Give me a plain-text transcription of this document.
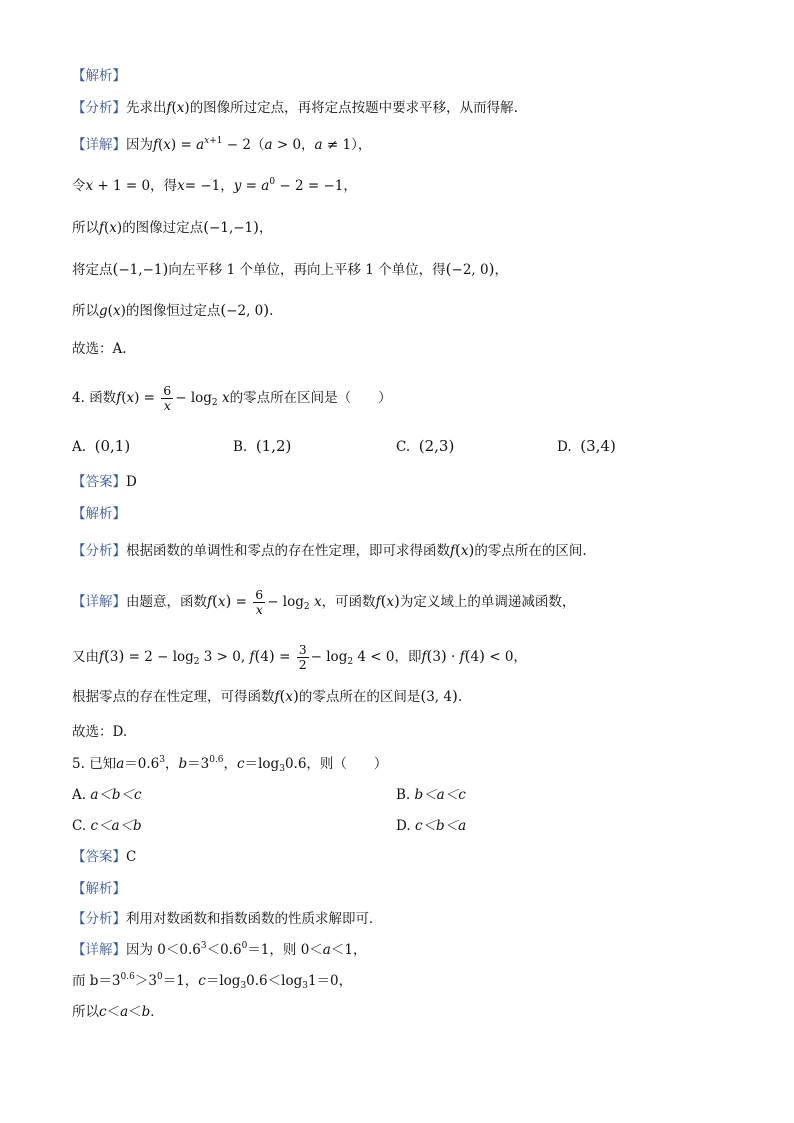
【解析】
【分析】先求出f(x)的图像所过定点，再将定点按题中要求平移，从而得解.
【详解】因为$f(x) = a^{x+1} - 2(a > 0$，a ≠ 1），
令x + 1 = 0，得x= −1，$y = a^0 - 2 = -1$，
所以f(x)的图像过定点(−1,−1)，
将定点(−1,−1)向左平移 1 个单位，再向上平移 1 个单位，得(−2, 0)，
所以g(x)的图像恒过定点(−2, 0).
故选：A.
4. 函数$f(x) = \frac{6}{x} - \log_2 x$的零点所在区间是（　　）
A. (0,1)	B. (1,2)	C. (2,3)	D. (3,4)
【答案】D
【解析】
【分析】根据函数的单调性和零点的存在性定理，即可求得函数f(x)的零点所在的区间.
【详解】由题意，函数$f(x) = \frac{6}{x} - \log_2 x$，可函数f(x)为定义域上的单调递减函数，
又由$f(3) = 2 - \log_2 3 > 0$, $f(4) = \frac{3}{2} - \log_2 4 < 0$，即f(3) · f(4) < 0，
根据零点的存在性定理，可得函数f(x)的零点所在的区间是(3, 4).
故选：D.
5. 已知$a=0.6^3$，$b=3^{0.6}$，$c=\log_30.6$，则（　　）
A. a＜b＜c	B. b＜a＜c
C. c＜a＜b	D. c＜b＜a
【答案】C
【解析】
【分析】利用对数函数和指数函数的性质求解即可．
【详解】因为 $0<0.6^3<0.6^0=1$，则 0＜a＜1，
而 $b=3^{0.6}>3^0=1$，$c=\log_30.6<\log_31=0$，
所以c＜a＜b．
